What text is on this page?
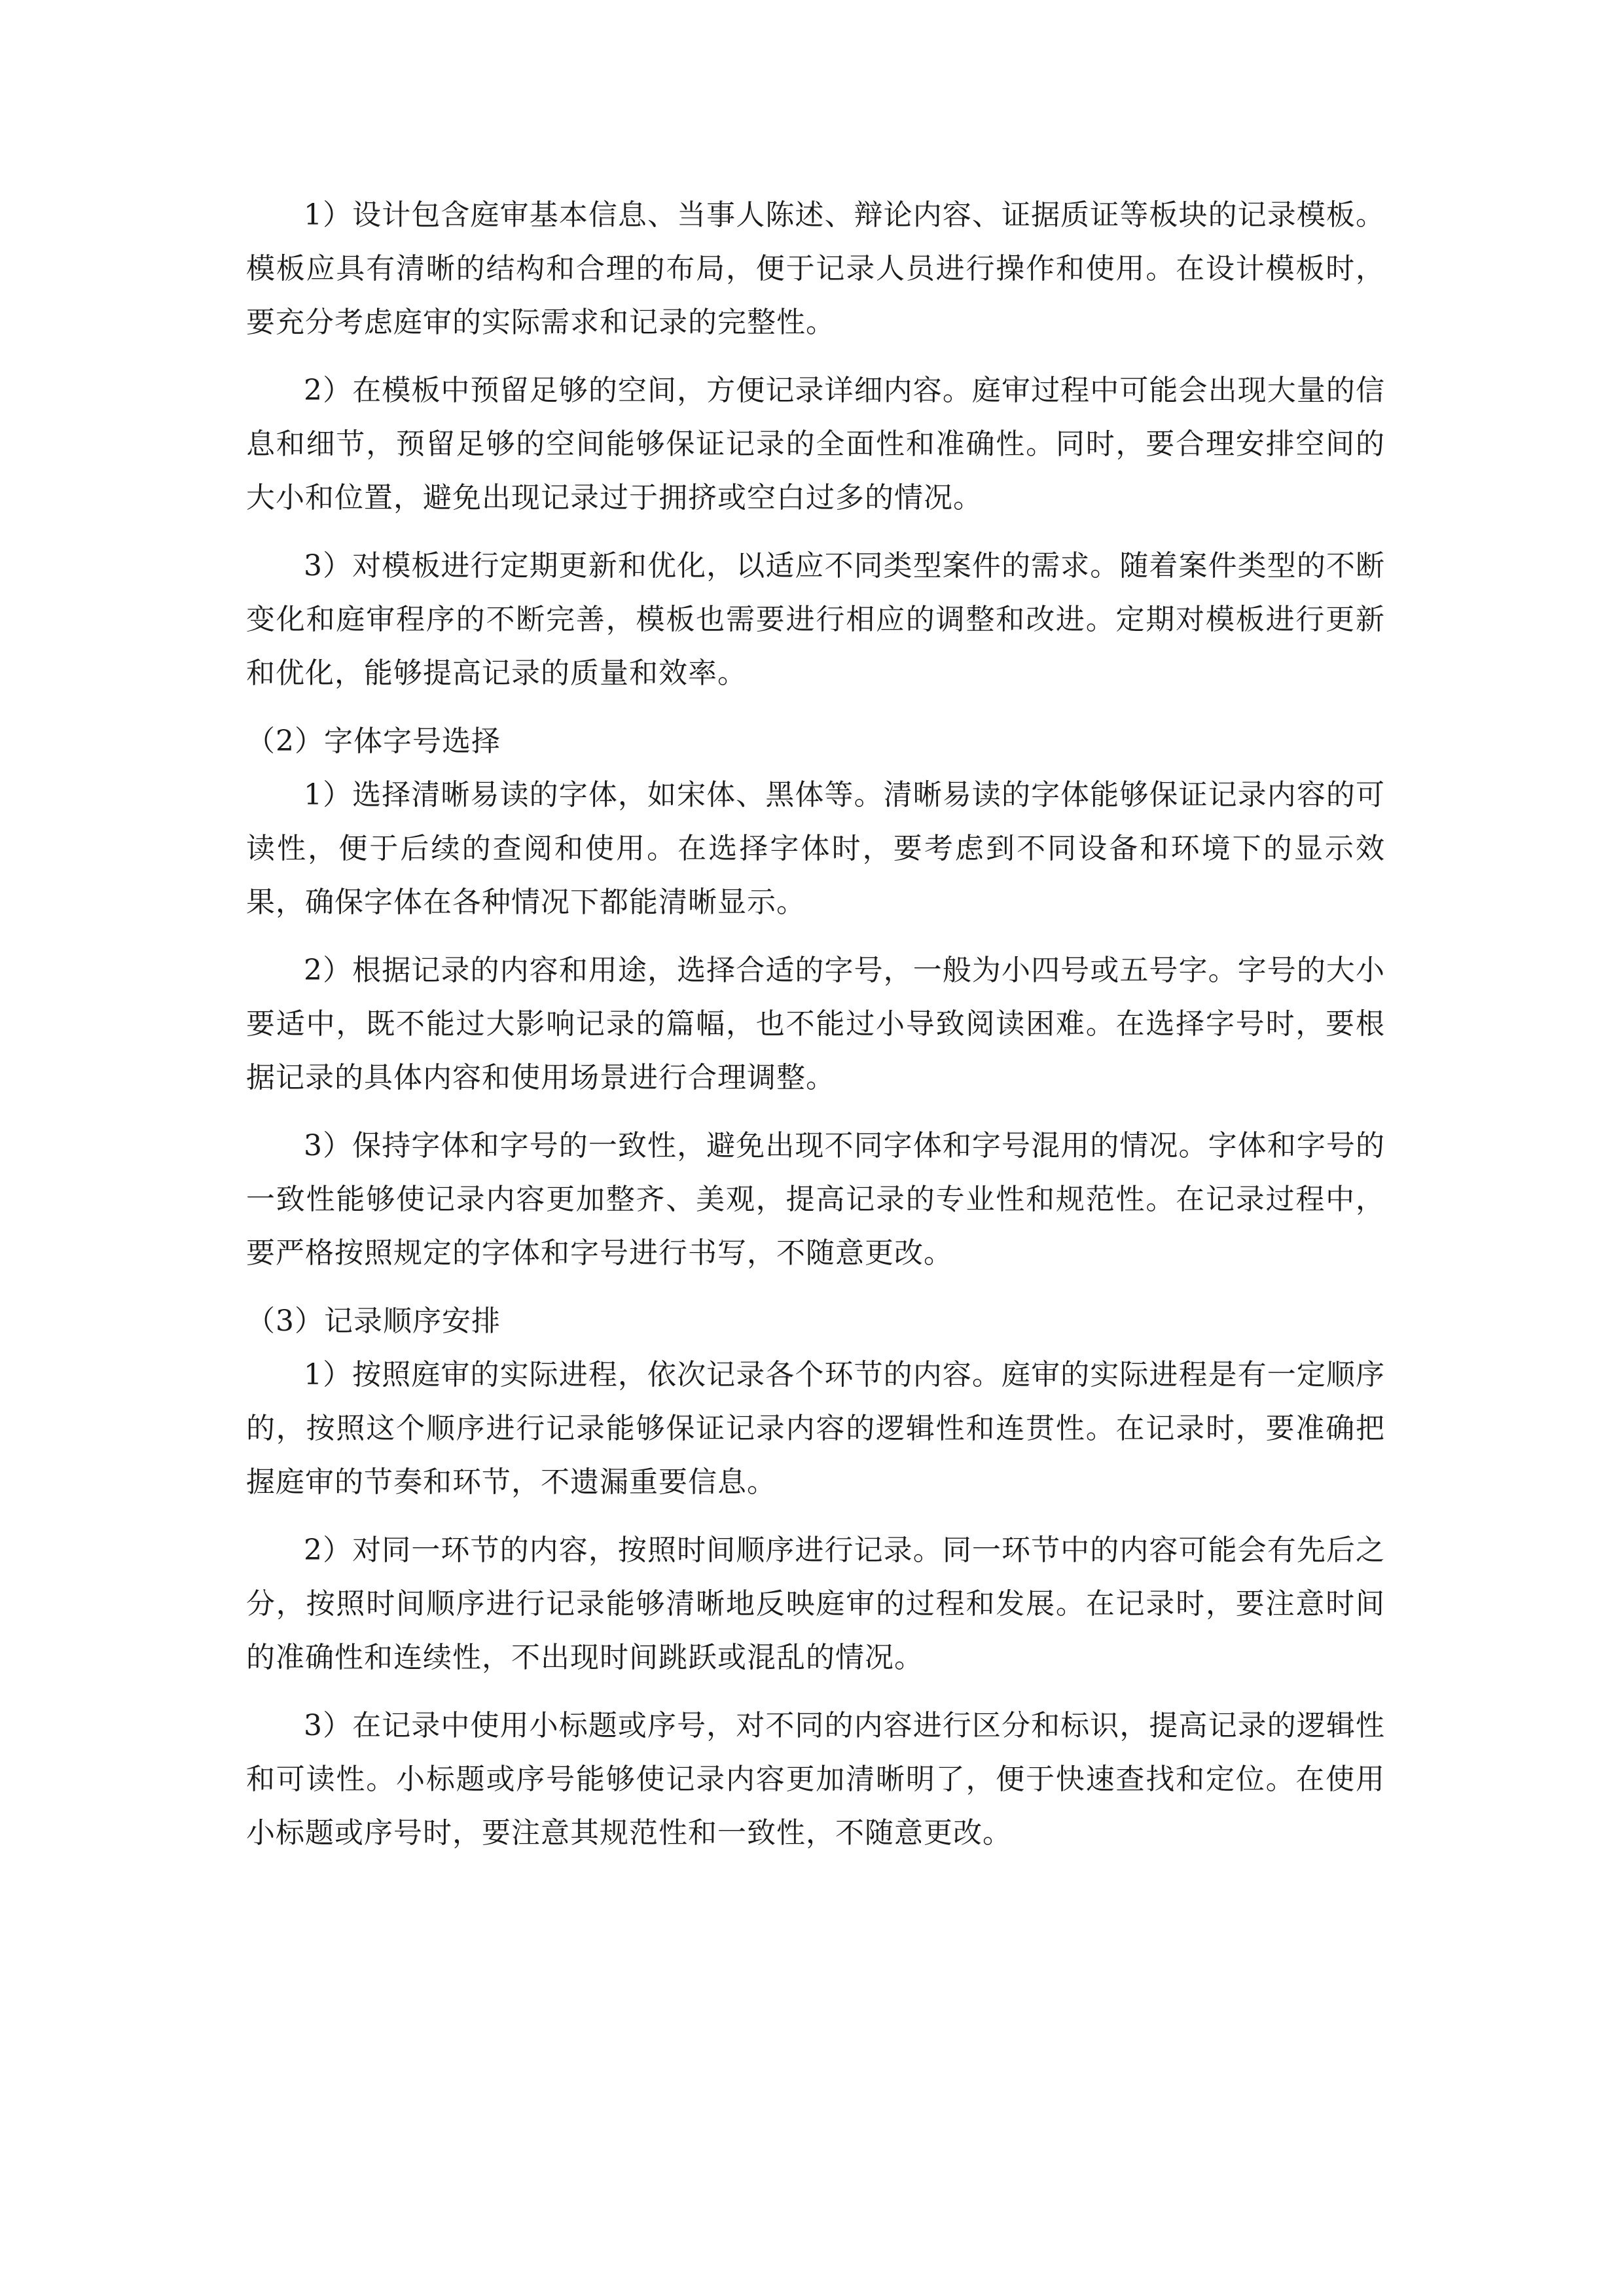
1）设计包含庭审基本信息、当事人陈述、辩论内容、证据质证等板块的记录模板。模板应具有清晰的结构和合理的布局，便于记录人员进行操作和使用。在设计模板时，要充分考虑庭审的实际需求和记录的完整性。

2）在模板中预留足够的空间，方便记录详细内容。庭审过程中可能会出现大量的信息和细节，预留足够的空间能够保证记录的全面性和准确性。同时，要合理安排空间的大小和位置，避免出现记录过于拥挤或空白过多的情况。

3）对模板进行定期更新和优化，以适应不同类型案件的需求。随着案件类型的不断变化和庭审程序的不断完善，模板也需要进行相应的调整和改进。定期对模板进行更新和优化，能够提高记录的质量和效率。

（2）字体字号选择

1）选择清晰易读的字体，如宋体、黑体等。清晰易读的字体能够保证记录内容的可读性，便于后续的查阅和使用。在选择字体时，要考虑到不同设备和环境下的显示效果，确保字体在各种情况下都能清晰显示。

2）根据记录的内容和用途，选择合适的字号，一般为小四号或五号字。字号的大小要适中，既不能过大影响记录的篇幅，也不能过小导致阅读困难。在选择字号时，要根据记录的具体内容和使用场景进行合理调整。

3）保持字体和字号的一致性，避免出现不同字体和字号混用的情况。字体和字号的一致性能够使记录内容更加整齐、美观，提高记录的专业性和规范性。在记录过程中，要严格按照规定的字体和字号进行书写，不随意更改。

（3）记录顺序安排

1）按照庭审的实际进程，依次记录各个环节的内容。庭审的实际进程是有一定顺序的，按照这个顺序进行记录能够保证记录内容的逻辑性和连贯性。在记录时，要准确把握庭审的节奏和环节，不遗漏重要信息。

2）对同一环节的内容，按照时间顺序进行记录。同一环节中的内容可能会有先后之分，按照时间顺序进行记录能够清晰地反映庭审的过程和发展。在记录时，要注意时间的准确性和连续性，不出现时间跳跃或混乱的情况。

3）在记录中使用小标题或序号，对不同的内容进行区分和标识，提高记录的逻辑性和可读性。小标题或序号能够使记录内容更加清晰明了，便于快速查找和定位。在使用小标题或序号时，要注意其规范性和一致性，不随意更改。
